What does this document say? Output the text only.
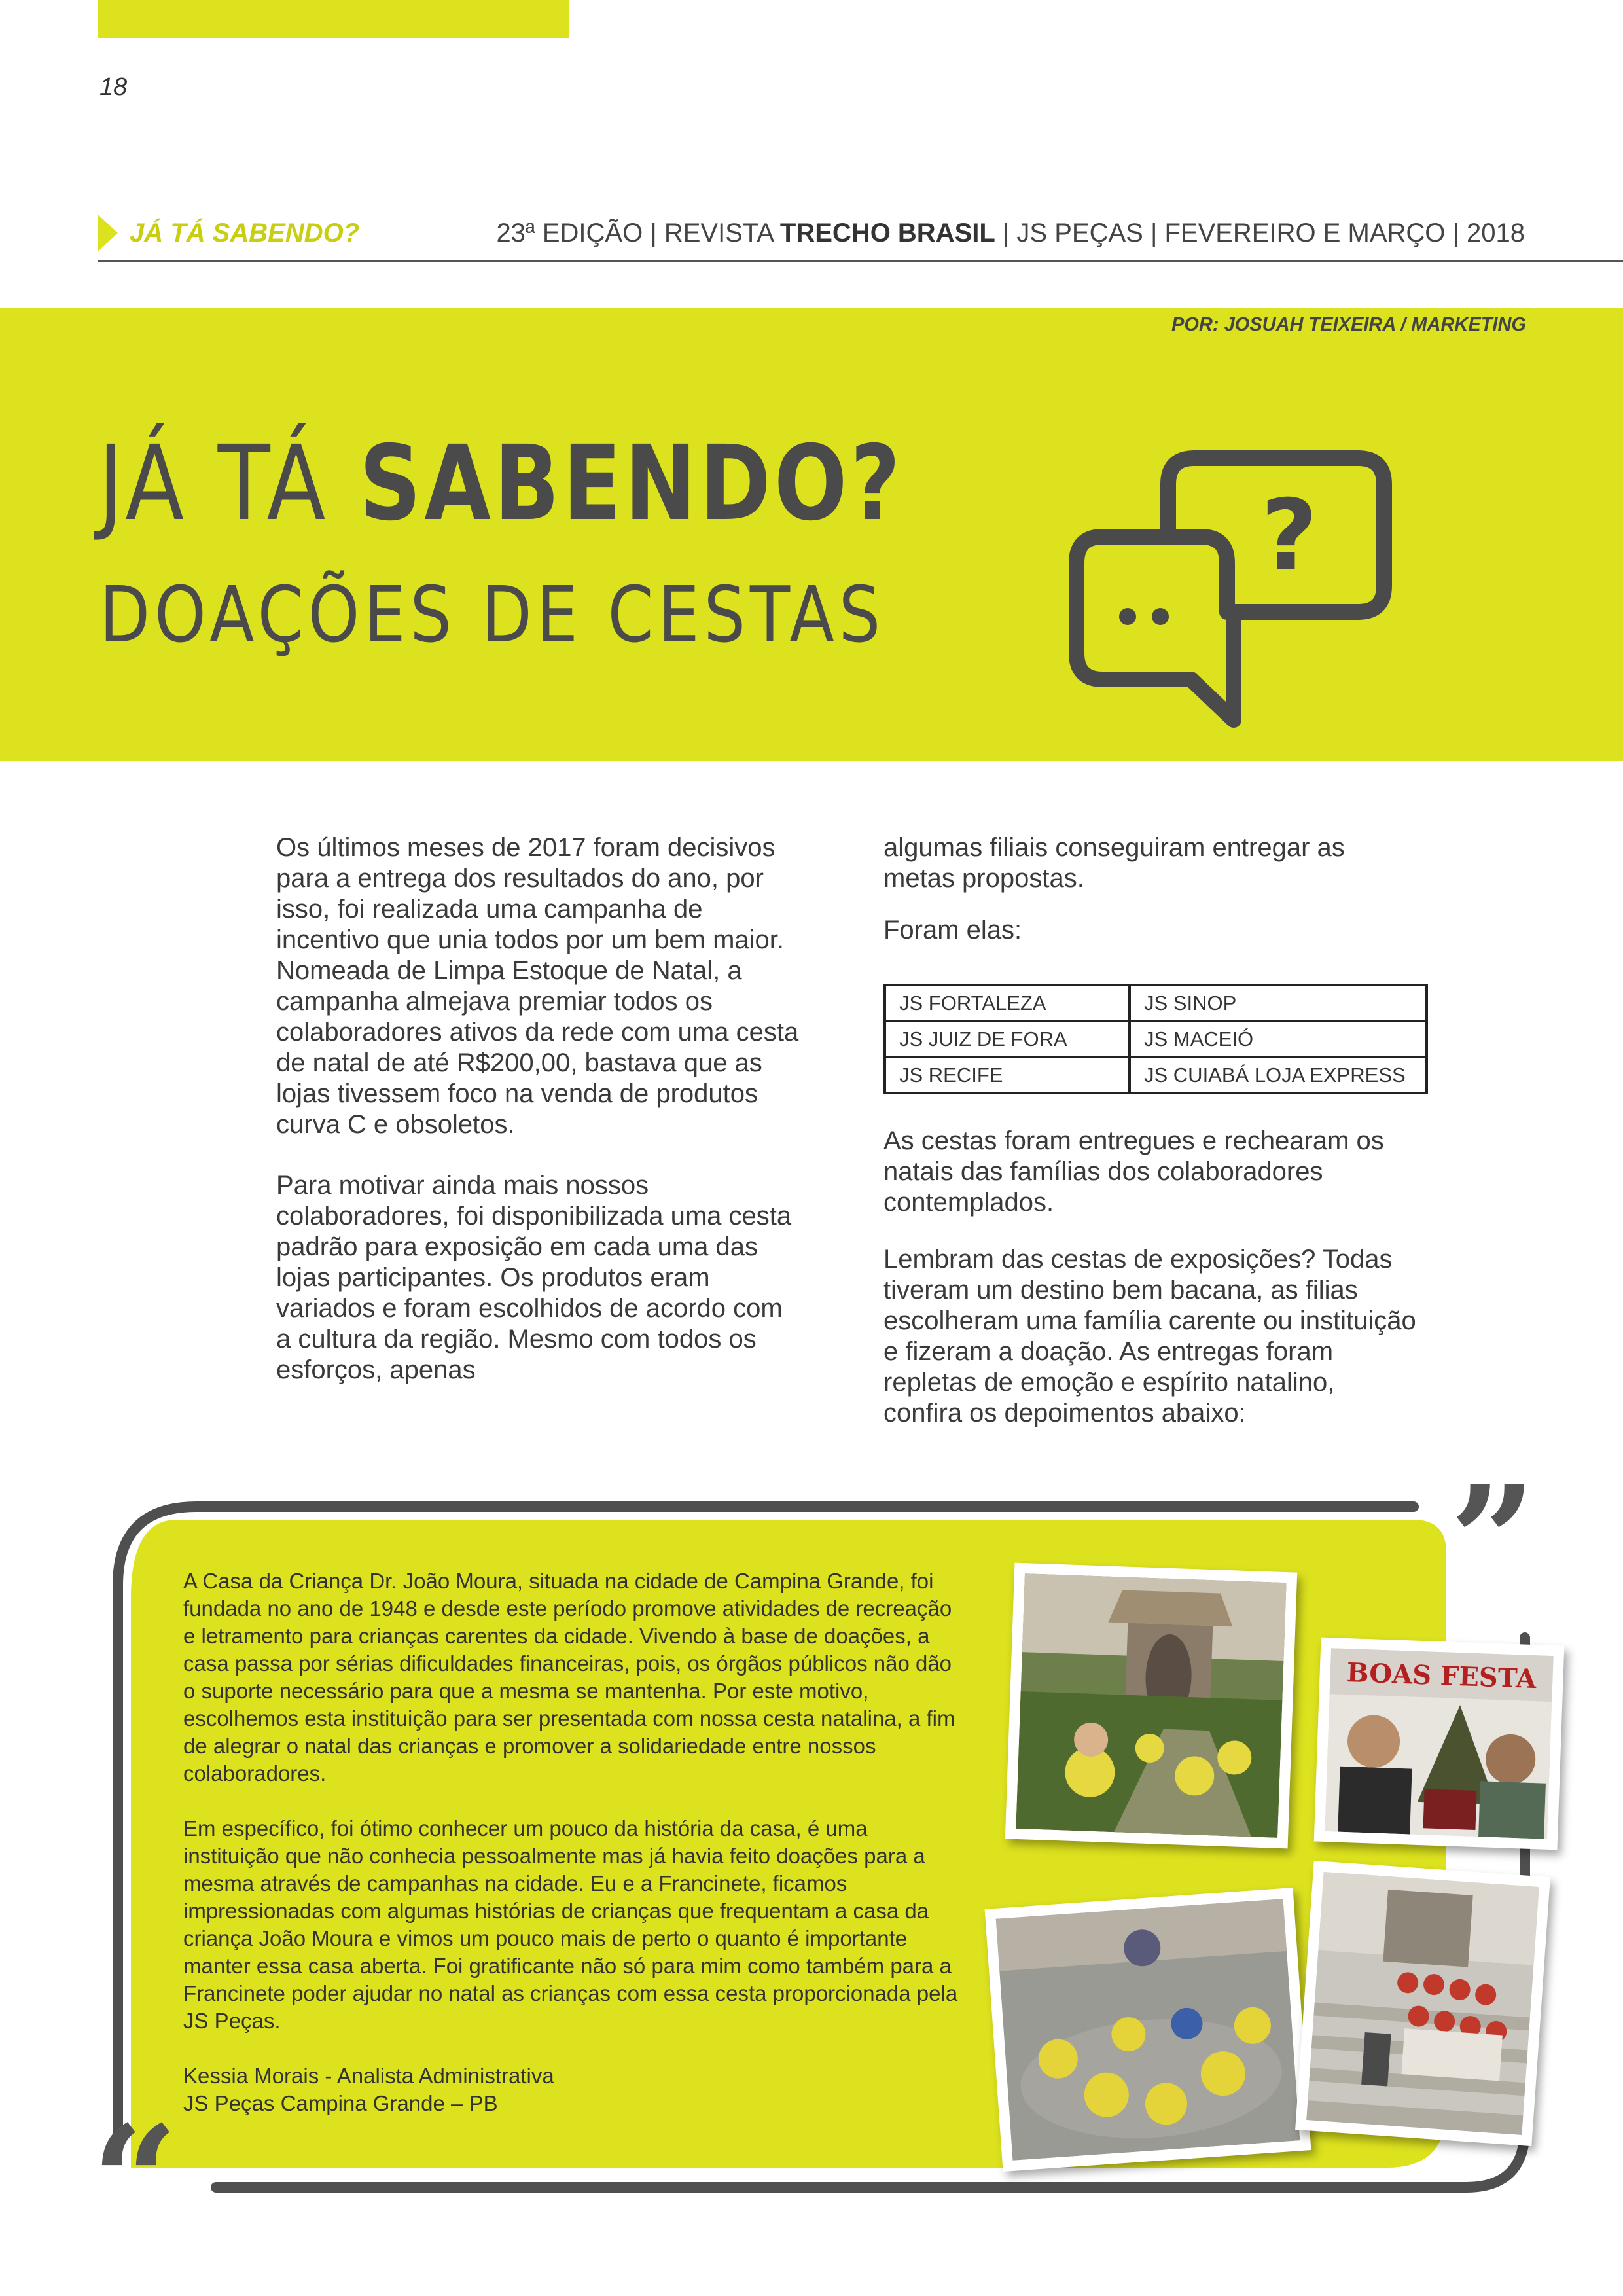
18
JÁ TÁ SABENDO?	23ª EDIÇÃO | REVISTA TRECHO BRASIL | JS PEÇAS | FEVEREIRO E MARÇO | 2018
POR: JOSUAH TEIXEIRA / MARKETING
JÁ TÁ SABENDO?
DOAÇÕES DE CESTAS
?

Os últimos meses de 2017 foram decisivos para a entrega dos resultados do ano, por isso, foi realizada uma campanha de incentivo que unia todos por um bem maior. Nomeada de Limpa Estoque de Natal, a campanha almejava premiar todos os colaboradores ativos da rede com uma cesta de natal de até R$200,00, bastava que as lojas tivessem foco na venda de produtos curva C e obsoletos.

Para motivar ainda mais nossos colaboradores, foi disponibilizada uma cesta padrão para exposição em cada uma das lojas participantes. Os produtos eram variados e foram escolhidos de acordo com a cultura da região. Mesmo com todos os esforços, apenas

algumas filiais conseguiram entregar as metas propostas.

Foram elas:

JS FORTALEZA	JS SINOP
JS JUIZ DE FORA	JS MACEIÓ
JS RECIFE	JS CUIABÁ LOJA EXPRESS

As cestas foram entregues e rechearam os natais das famílias dos colaboradores contemplados.

Lembram das cestas de exposições? Todas tiveram um destino bem bacana, as filias escolheram uma família carente ou instituição e fizeram a doação. As entregas foram repletas de emoção e espírito natalino, confira os depoimentos abaixo:

”
“

A Casa da Criança Dr. João Moura, situada na cidade de Campina Grande, foi fundada no ano de 1948 e desde este período promove atividades de recreação e letramento para crianças carentes da cidade. Vivendo à base de doações, a casa passa por sérias dificuldades financeiras, pois, os órgãos públicos não dão o suporte necessário para que a mesma se mantenha. Por este motivo, escolhemos esta instituição para ser presentada com nossa cesta natalina, a fim de alegrar o natal das crianças e promover a solidariedade entre nossos colaboradores.

Em específico, foi ótimo conhecer um pouco da história da casa, é uma instituição que não conhecia pessoalmente mas já havia feito doações para a mesma através de campanhas na cidade. Eu e a Francinete, ficamos impressionadas com algumas histórias de crianças que frequentam a casa da criança João Moura e vimos um pouco mais de perto o quanto é importante manter essa casa aberta. Foi gratificante não só para mim como também para a Francinete poder ajudar no natal as crianças com essa cesta proporcionada pela JS Peças.

Kessia Morais - Analista Administrativa
JS Peças Campina Grande – PB
BOAS FESTA
